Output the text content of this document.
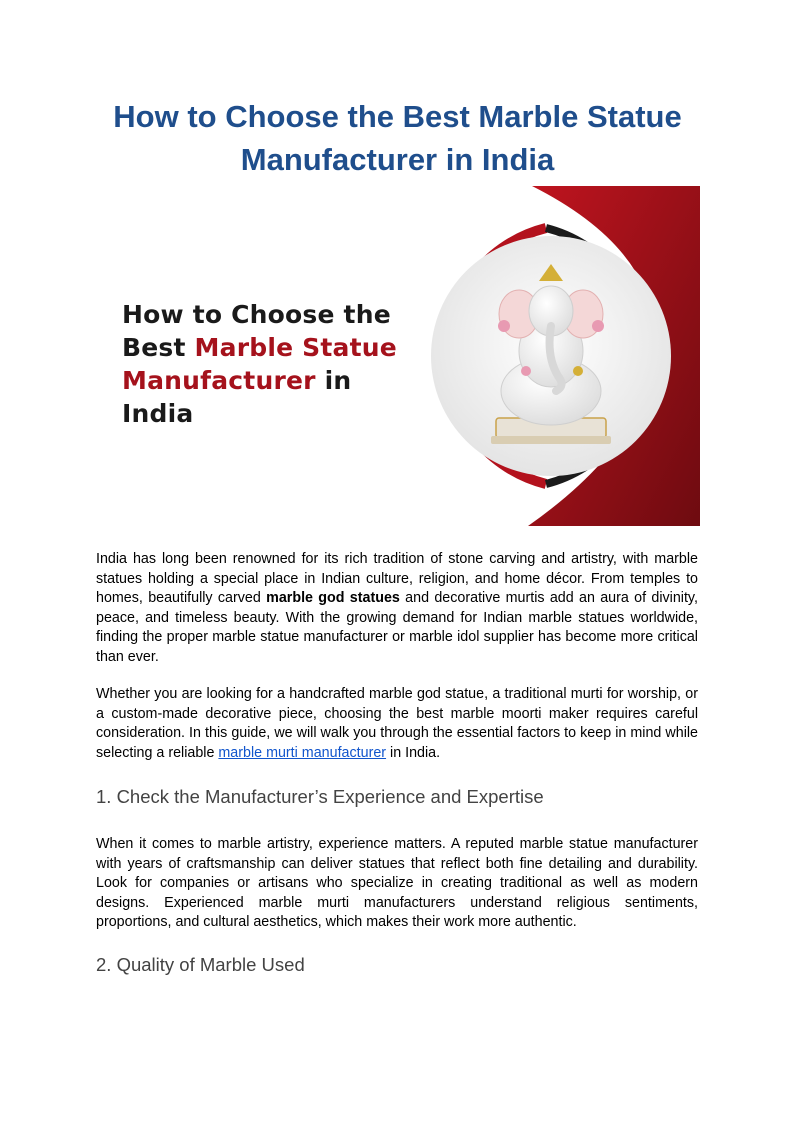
How to Choose the Best Marble Statue
Manufacturer in India
How to Choose the
Best Marble Statue
Manufacturer in
India
India has long been renowned for its rich tradition of stone carving and artistry, with marble statues holding a special place in Indian culture, religion, and home décor. From temples to homes, beautifully carved marble god statues and decorative murtis add an aura of divinity, peace, and timeless beauty. With the growing demand for Indian marble statues worldwide, finding the proper marble statue manufacturer or marble idol supplier has become more critical than ever.
Whether you are looking for a handcrafted marble god statue, a traditional murti for worship, or a custom-made decorative piece, choosing the best marble moorti maker requires careful consideration. In this guide, we will walk you through the essential factors to keep in mind while selecting a reliable marble murti manufacturer in India.
1. Check the Manufacturer’s Experience and Expertise
When it comes to marble artistry, experience matters. A reputed marble statue manufacturer with years of craftsmanship can deliver statues that reflect both fine detailing and durability. Look for companies or artisans who specialize in creating traditional as well as modern designs. Experienced marble murti manufacturers understand religious sentiments, proportions, and cultural aesthetics, which makes their work more authentic.
2. Quality of Marble Used
